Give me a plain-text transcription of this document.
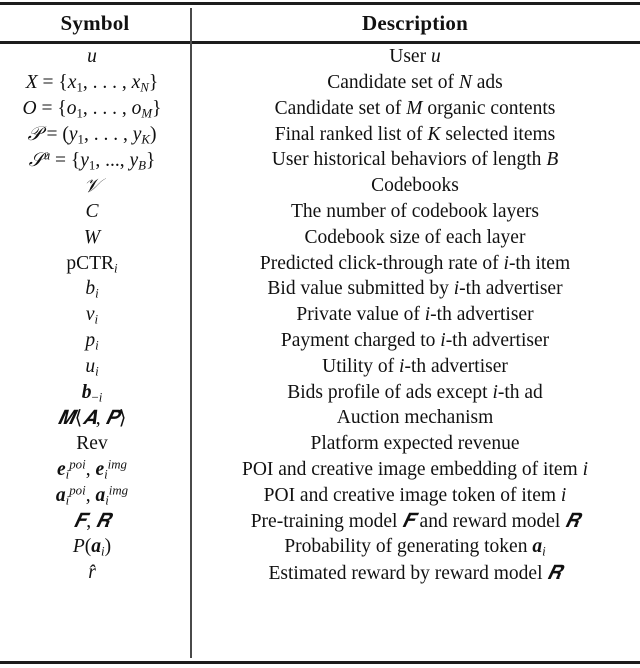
Symbol	Description
u	User u
$X = \{x_1$, . . . , $x_N$}	Candidate set of N ads
$O = \{o_1$, . . . , $o_M$}	Candidate set of M organic contents
𝒫 = ($y_1$, . . . , $y_K$)	Final ranked list of K selected items
𝒮$^u$ = {$y_1$, ..., $y_B$}	User historical behaviors of length B
𝒱	Codebooks
C	The number of codebook layers
W	Codebook size of each layer
pCTR$_i$	Predicted click-through rate of i-th item
$b_i$	Bid value submitted by i-th advertiser
$v_i$	Private value of i-th advertiser
$p_i$	Payment charged to i-th advertiser
$u_i$	Utility of i-th advertiser
$b_{-i}$	Bids profile of ads except i-th ad
𝑴⟨𝑨, 𝑷⟩	Auction mechanism
Rev	Platform expected revenue
$e_i^{poi}$, $e_i^{img}$	POI and creative image embedding of item i
$a_i^{poi}$, $a_i^{img}$	POI and creative image token of item i
𝑭, 𝑹	Pre-training model 𝑭 and reward model 𝑹
$P(a_i)$	Probability of generating token $a_i$
r̂	Estimated reward by reward model 𝑹
